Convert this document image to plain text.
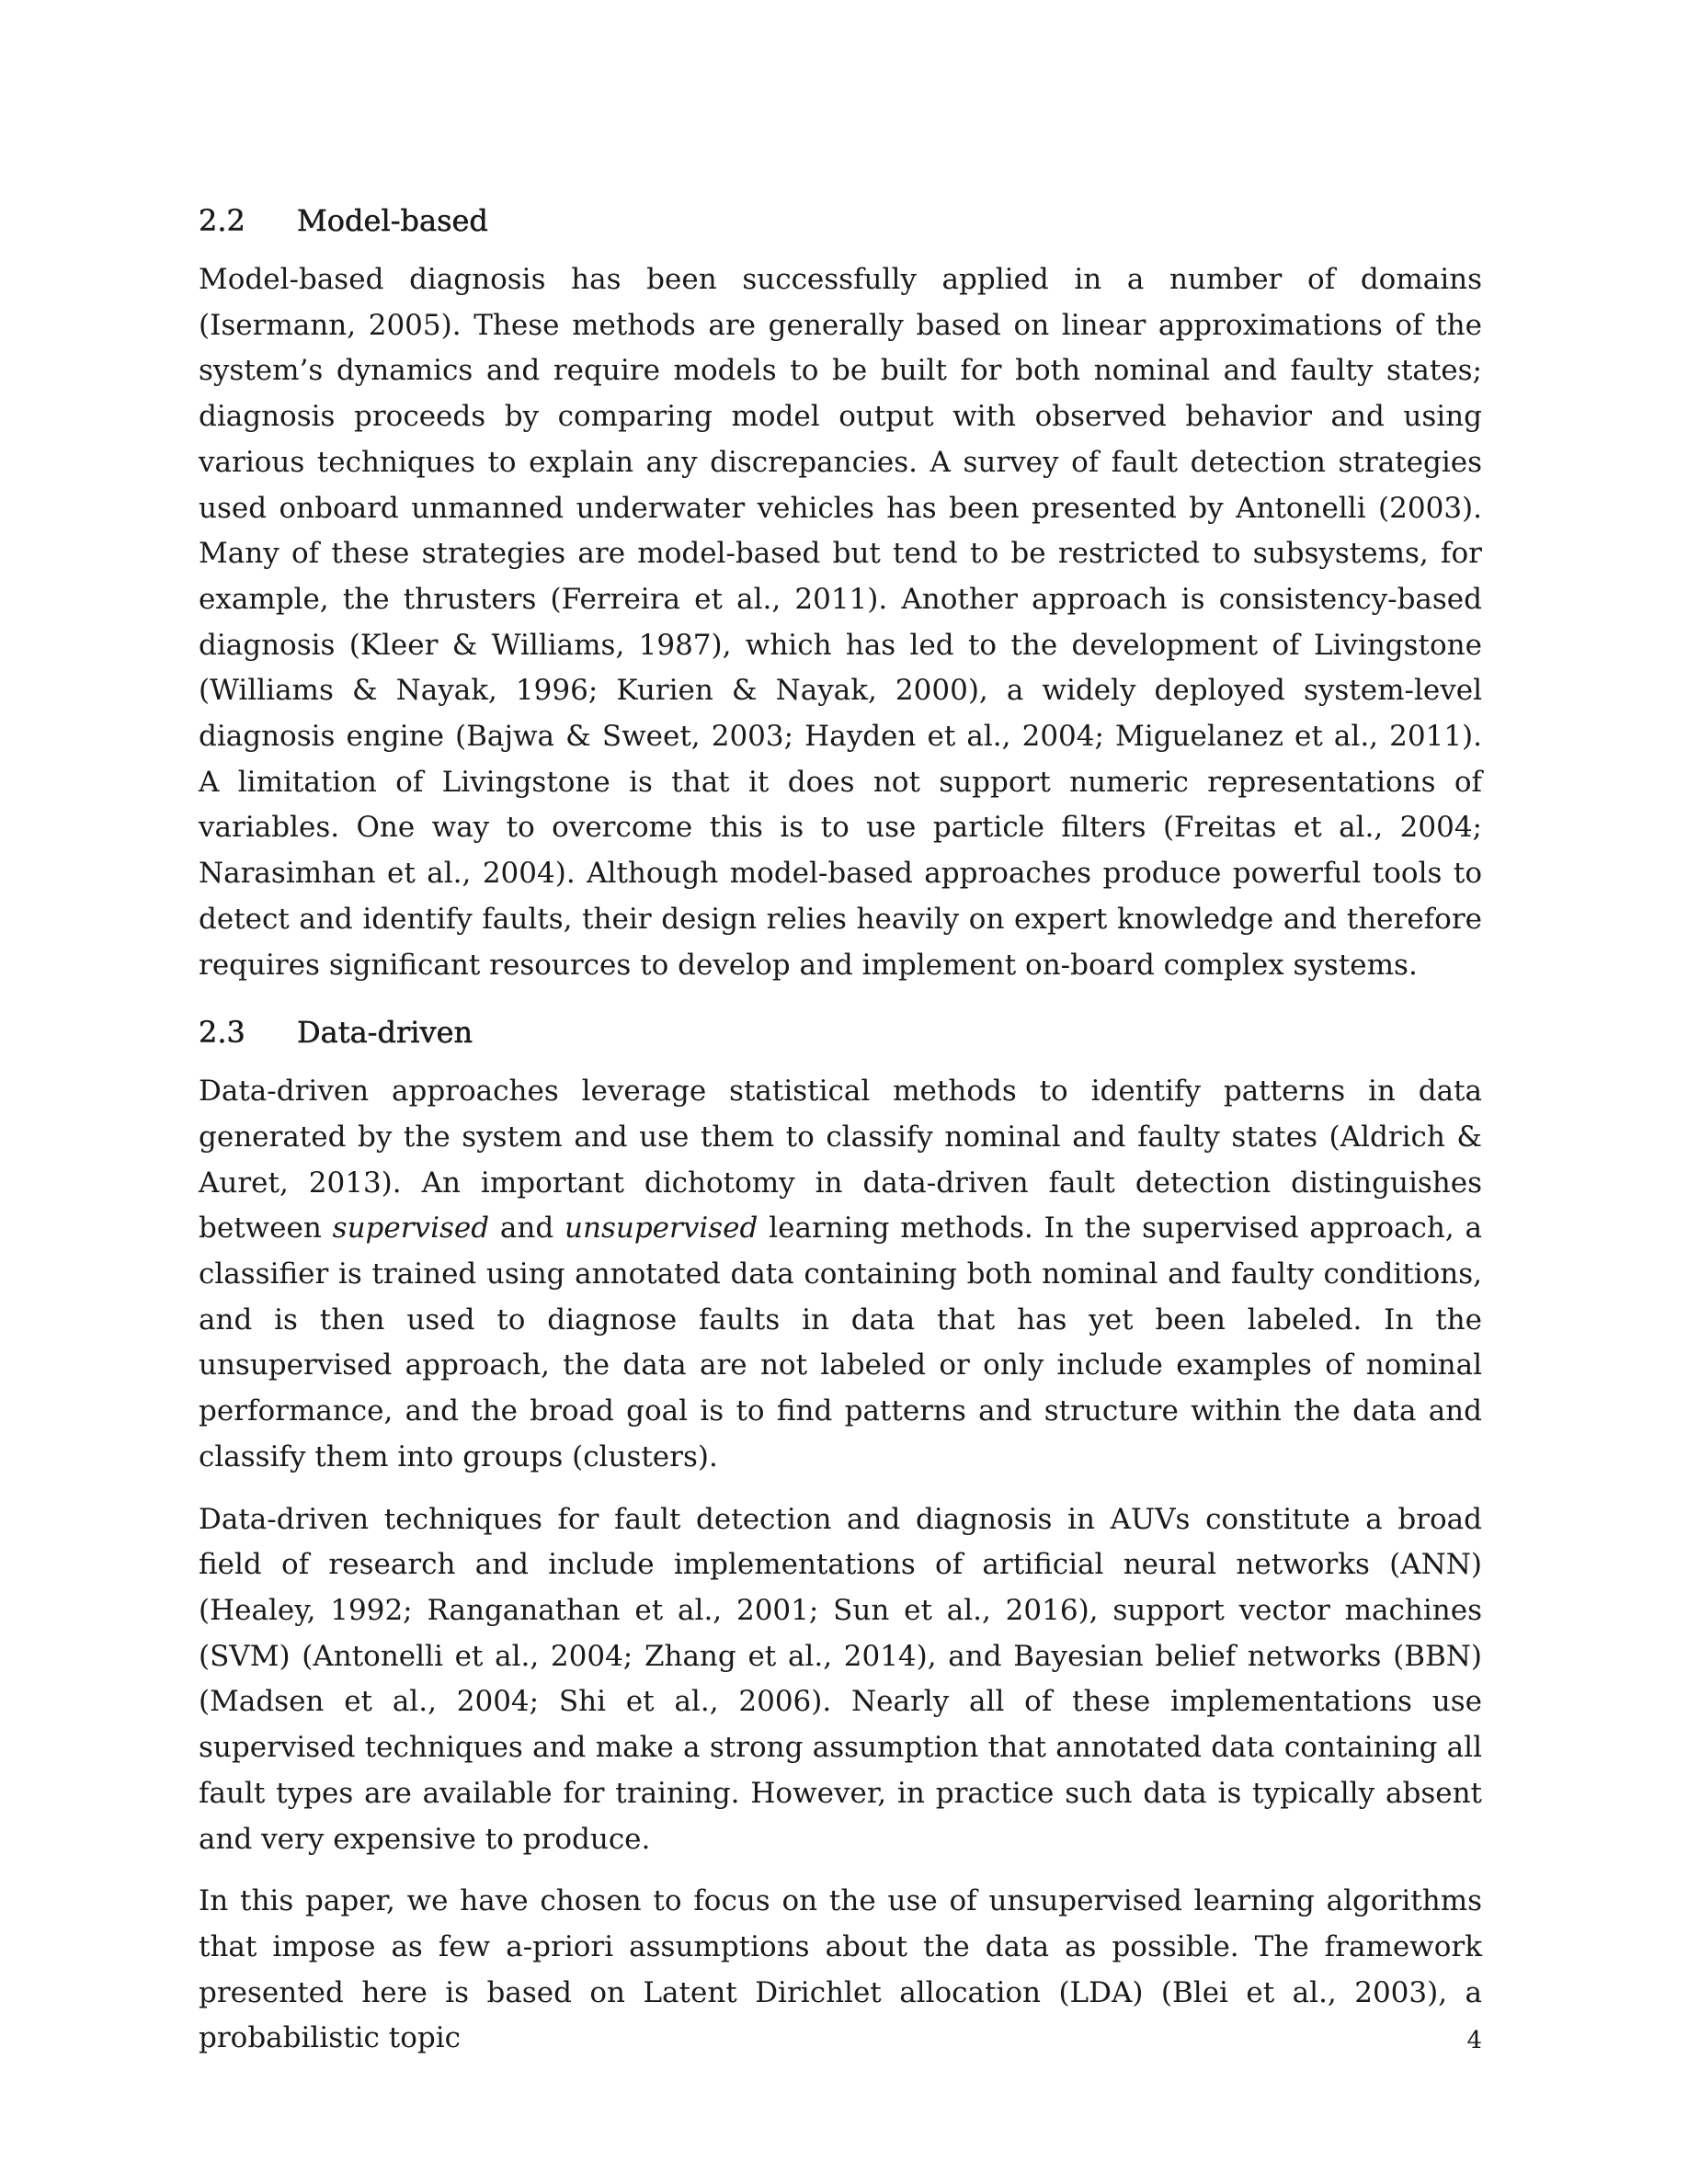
2.2	Model-based

Model-based diagnosis has been successfully applied in a number of domains (Isermann, 2005). These methods are generally based on linear approximations of the system’s dynamics and require models to be built for both nominal and faulty states; diagnosis proceeds by comparing model output with observed behavior and using various techniques to explain any discrepancies. A survey of fault detection strategies used onboard unmanned underwater vehicles has been presented by Antonelli (2003). Many of these strategies are model-based but tend to be restricted to subsystems, for example, the thrusters (Ferreira et al., 2011). Another approach is consistency-based diagnosis (Kleer & Williams, 1987), which has led to the development of Livingstone (Williams & Nayak, 1996; Kurien & Nayak, 2000), a widely deployed system-level diagnosis engine (Bajwa & Sweet, 2003; Hayden et al., 2004; Miguelanez et al., 2011). A limitation of Livingstone is that it does not support numeric representations of variables. One way to overcome this is to use particle filters (Freitas et al., 2004; Narasimhan et al., 2004). Although model-based approaches produce powerful tools to detect and identify faults, their design relies heavily on expert knowledge and therefore requires significant resources to develop and implement on-board complex systems.

2.3	Data-driven

Data-driven approaches leverage statistical methods to identify patterns in data generated by the system and use them to classify nominal and faulty states (Aldrich & Auret, 2013). An important dichotomy in data-driven fault detection distinguishes between supervised and unsupervised learning methods. In the supervised approach, a classifier is trained using annotated data containing both nominal and faulty conditions, and is then used to diagnose faults in data that has yet been labeled. In the unsupervised approach, the data are not labeled or only include examples of nominal performance, and the broad goal is to find patterns and structure within the data and classify them into groups (clusters).

Data-driven techniques for fault detection and diagnosis in AUVs constitute a broad field of research and include implementations of artificial neural networks (ANN) (Healey, 1992; Ranganathan et al., 2001; Sun et al., 2016), support vector machines (SVM) (Antonelli et al., 2004; Zhang et al., 2014), and Bayesian belief networks (BBN) (Madsen et al., 2004; Shi et al., 2006). Nearly all of these implementations use supervised techniques and make a strong assumption that annotated data containing all fault types are available for training. However, in practice such data is typically absent and very expensive to produce.

In this paper, we have chosen to focus on the use of unsupervised learning algorithms that impose as few a-priori assumptions about the data as possible. The framework presented here is based on Latent Dirichlet allocation (LDA) (Blei et al., 2003), a probabilistic topic	4
